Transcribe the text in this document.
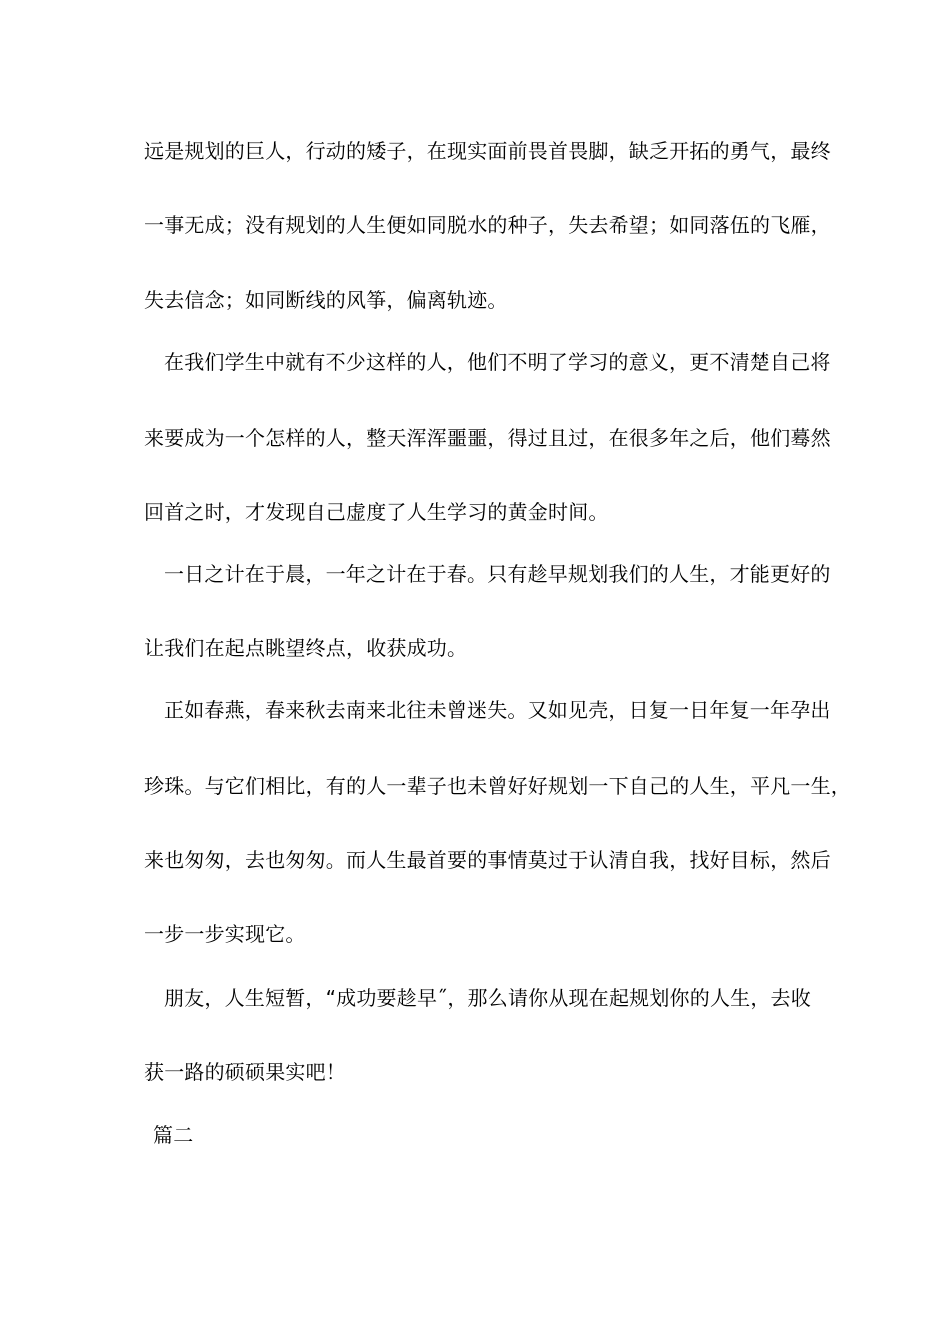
远是规划的巨人，行动的矮子，在现实面前畏首畏脚，缺乏开拓的勇气，最终
一事无成；没有规划的人生便如同脱水的种子，失去希望；如同落伍的飞雁，
失去信念；如同断线的风筝，偏离轨迹。
在我们学生中就有不少这样的人，他们不明了学习的意义，更不清楚自己将
来要成为一个怎样的人，整天浑浑噩噩，得过且过，在很多年之后，他们蓦然
回首之时，才发现自己虚度了人生学习的黄金时间。
一日之计在于晨，一年之计在于春。只有趁早规划我们的人生，才能更好的
让我们在起点眺望终点，收获成功。
正如春燕，春来秋去南来北往未曾迷失。又如见壳，日复一日年复一年孕出
珍珠。与它们相比，有的人一辈子也未曾好好规划一下自己的人生，平凡一生，
来也匆匆，去也匆匆。而人生最首要的事情莫过于认清自我，找好目标，然后
一步一步实现它。
朋友，人生短暂，“成功要趁早˝，那么请你从现在起规划你的人生，去收
获一路的硕硕果实吧！
篇二
